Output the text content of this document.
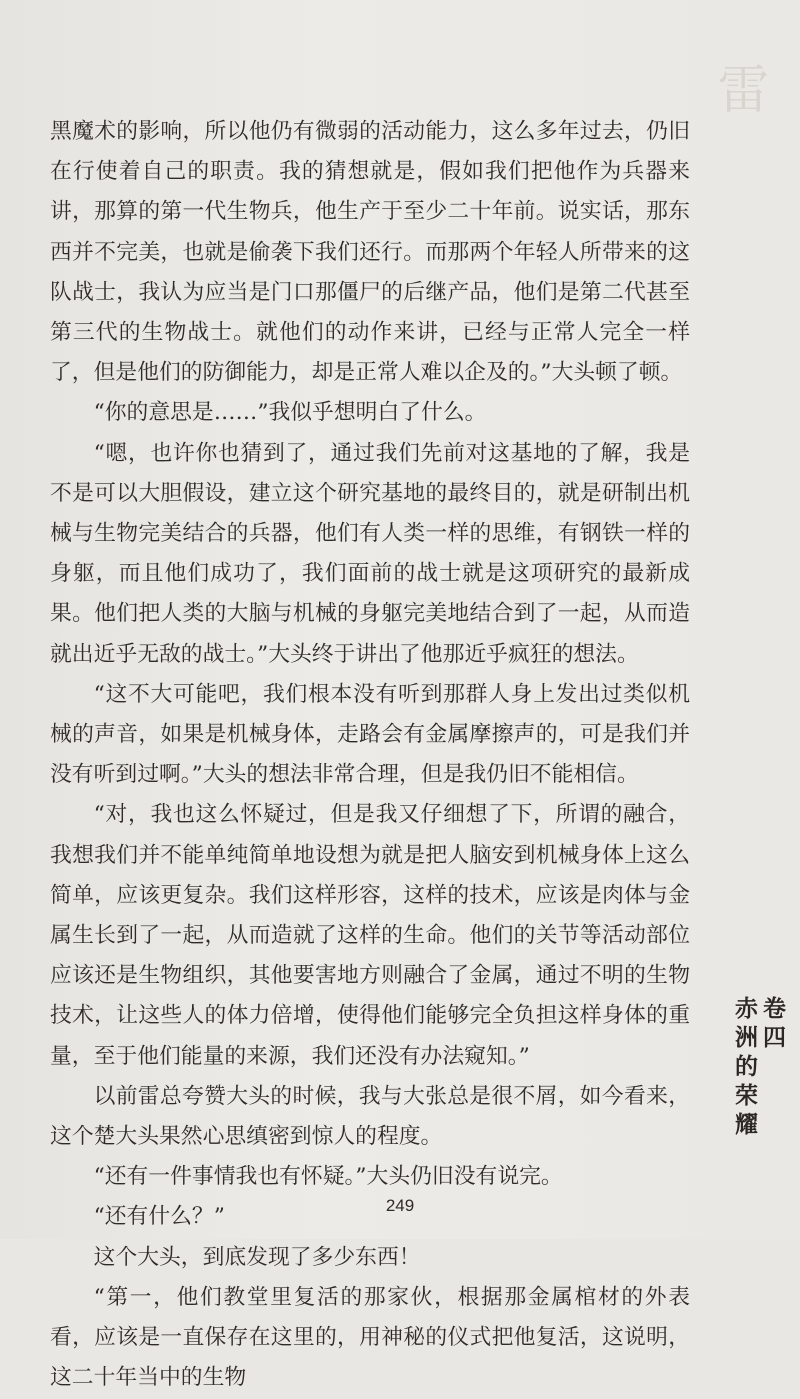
雷

黑魔术的影响，所以他仍有微弱的活动能力，这么多年过去，仍旧在行使着自己的职责。我的猜想就是，假如我们把他作为兵器来讲，那算的第一代生物兵，他生产于至少二十年前。说实话，那东西并不完美，也就是偷袭下我们还行。而那两个年轻人所带来的这队战士，我认为应当是门口那僵尸的后继产品，他们是第二代甚至第三代的生物战士。就他们的动作来讲，已经与正常人完全一样了，但是他们的防御能力，却是正常人难以企及的。”大头顿了顿。

“你的意思是……”我似乎想明白了什么。

“嗯，也许你也猜到了，通过我们先前对这基地的了解，我是不是可以大胆假设，建立这个研究基地的最终目的，就是研制出机械与生物完美结合的兵器，他们有人类一样的思维，有钢铁一样的身躯，而且他们成功了，我们面前的战士就是这项研究的最新成果。他们把人类的大脑与机械的身躯完美地结合到了一起，从而造就出近乎无敌的战士。”大头终于讲出了他那近乎疯狂的想法。

“这不大可能吧，我们根本没有听到那群人身上发出过类似机械的声音，如果是机械身体，走路会有金属摩擦声的，可是我们并没有听到过啊。”大头的想法非常合理，但是我仍旧不能相信。

“对，我也这么怀疑过，但是我又仔细想了下，所谓的融合，我想我们并不能单纯简单地设想为就是把人脑安到机械身体上这么简单，应该更复杂。我们这样形容，这样的技术，应该是肉体与金属生长到了一起，从而造就了这样的生命。他们的关节等活动部位应该还是生物组织，其他要害地方则融合了金属，通过不明的生物技术，让这些人的体力倍增，使得他们能够完全负担这样身体的重量，至于他们能量的来源，我们还没有办法窥知。”

以前雷总夸赞大头的时候，我与大张总是很不屑，如今看来，这个楚大头果然心思缜密到惊人的程度。

“还有一件事情我也有怀疑。”大头仍旧没有说完。

“还有什么？”

这个大头，到底发现了多少东西！

“第一，他们教堂里复活的那家伙，根据那金属棺材的外表看，应该是一直保存在这里的，用神秘的仪式把他复活，这说明，这二十年当中的生物

卷四
赤洲的荣耀
249
